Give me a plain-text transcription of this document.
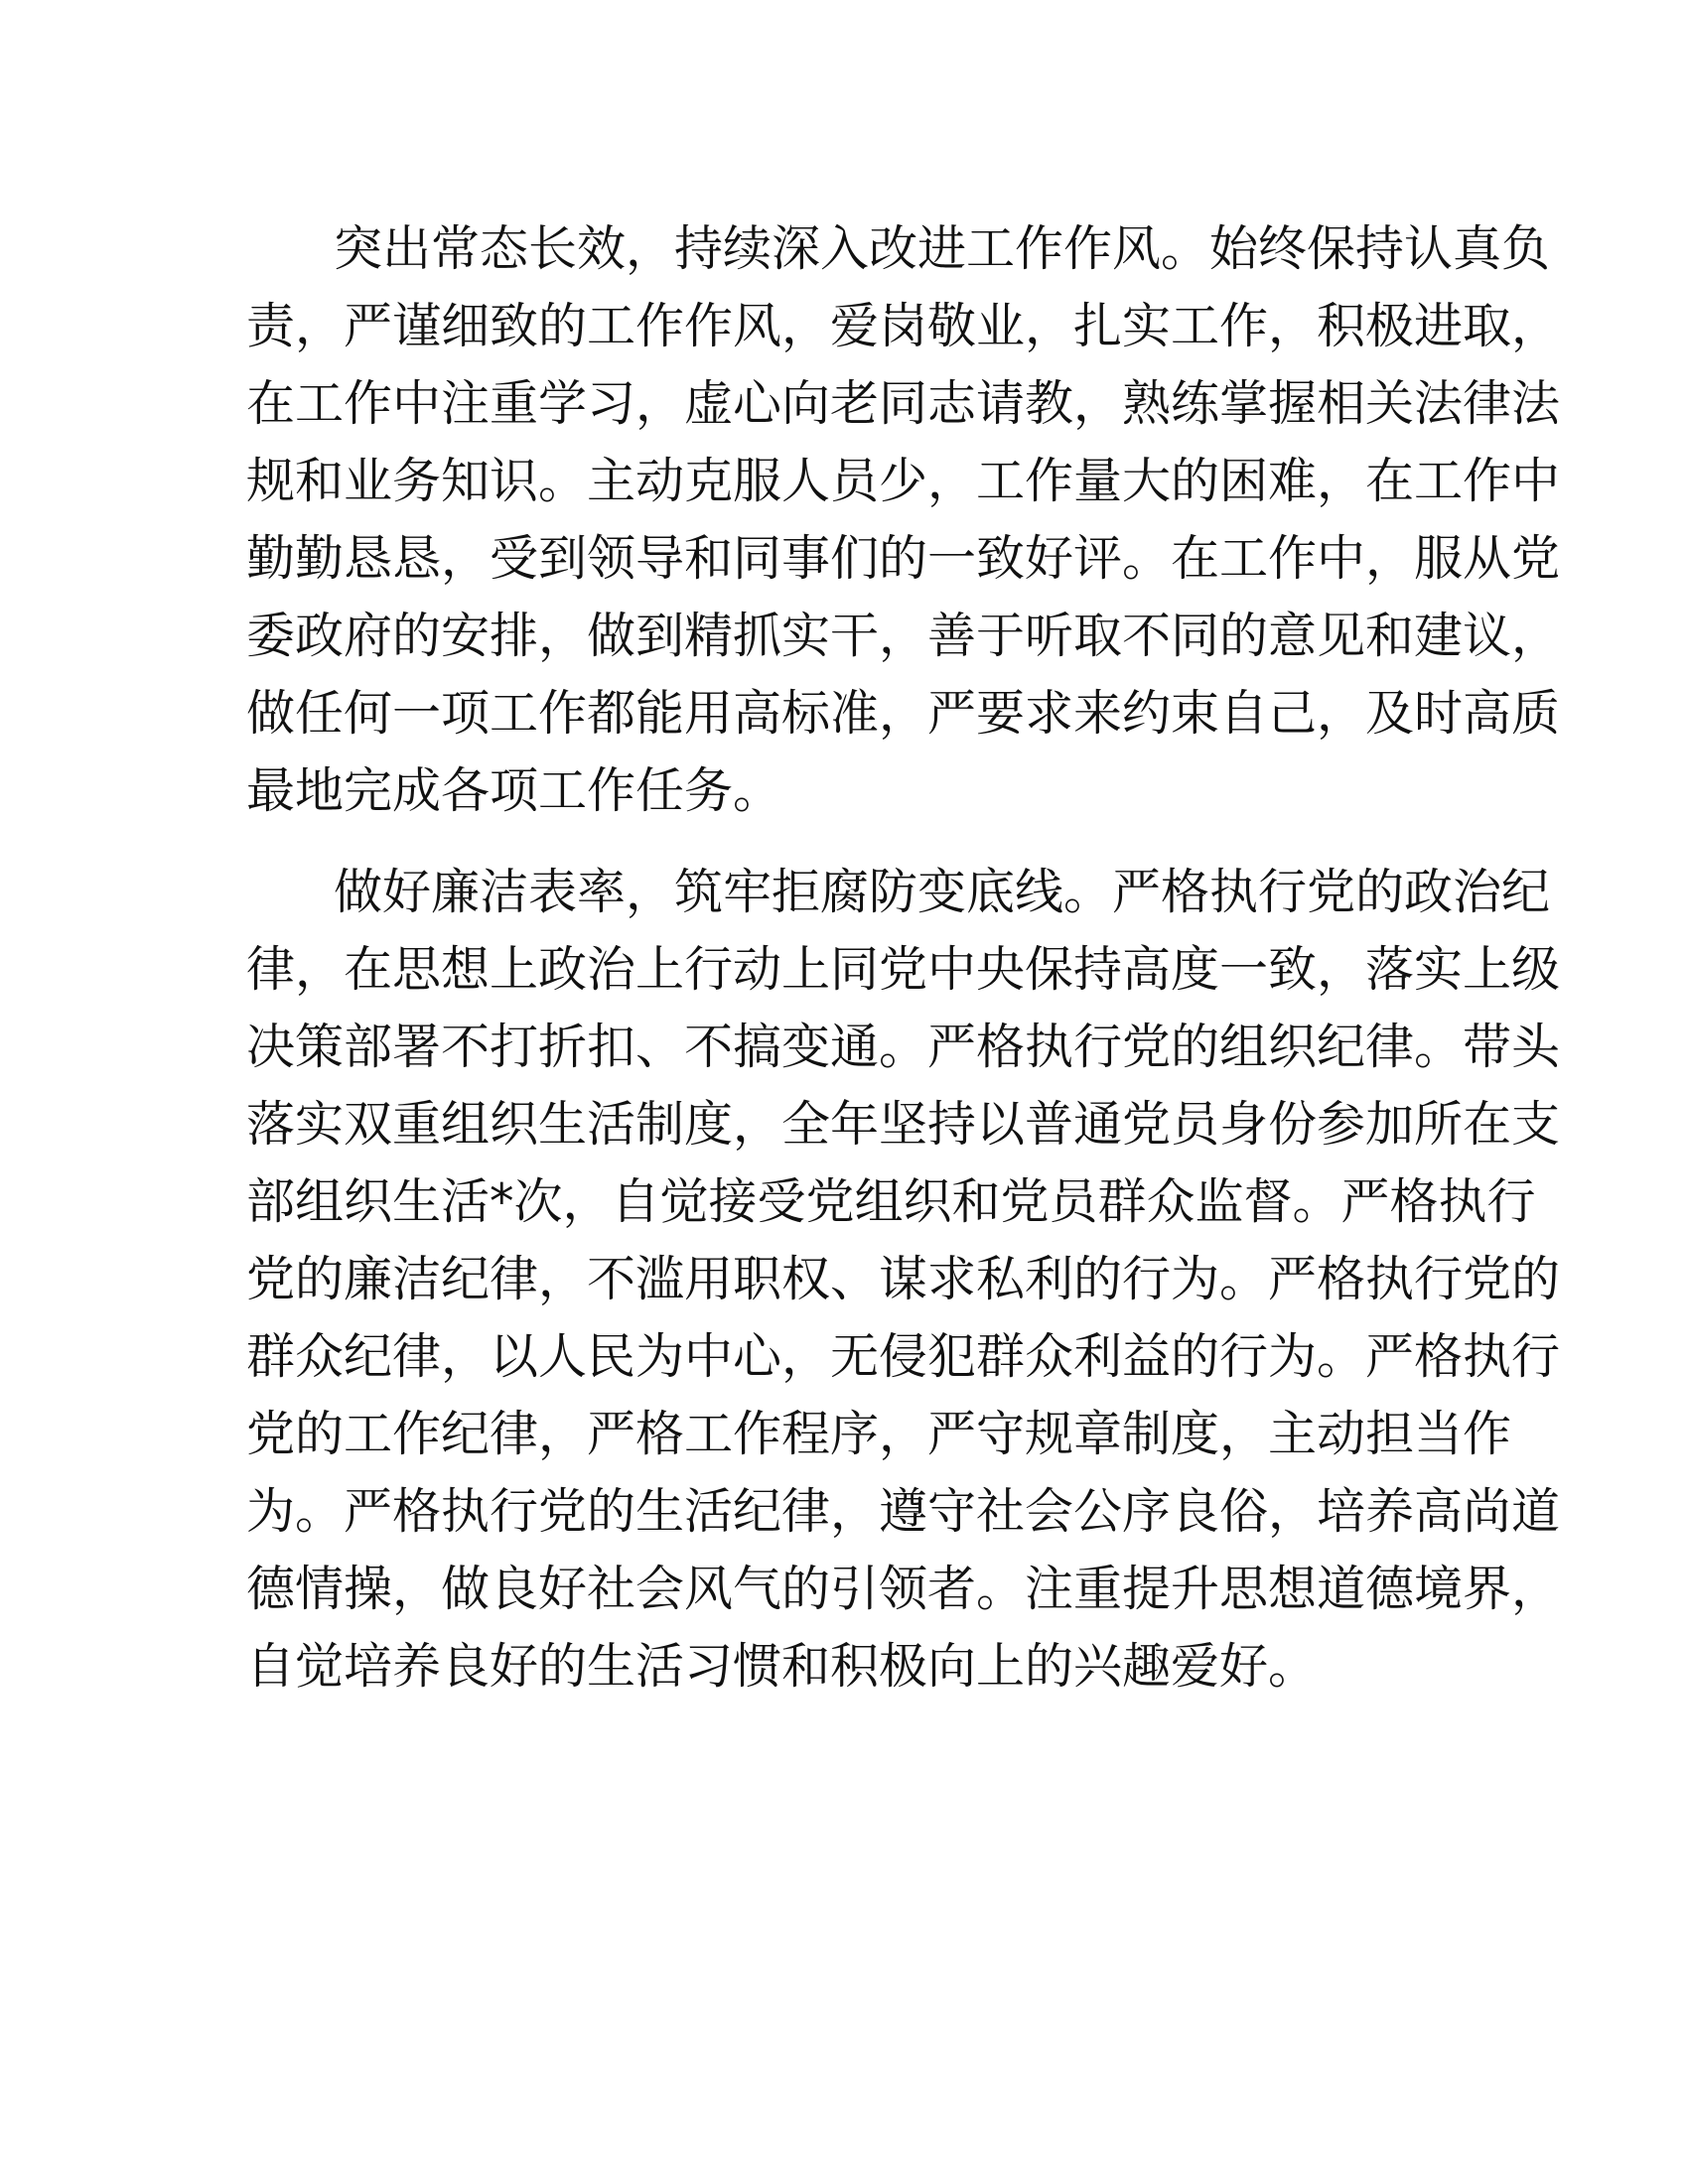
突出常态长效，持续深入改进工作作风。始终保持认真负
责，严谨细致的工作作风，爱岗敬业，扎实工作，积极进取，
在工作中注重学习，虚心向老同志请教，熟练掌握相关法律法
规和业务知识。主动克服人员少，工作量大的困难，在工作中
勤勤恳恳，受到领导和同事们的一致好评。在工作中，服从党
委政府的安排，做到精抓实干，善于听取不同的意见和建议，
做任何一项工作都能用高标准，严要求来约束自己，及时高质
最地完成各项工作任务。

做好廉洁表率，筑牢拒腐防变底线。严格执行党的政治纪
律，在思想上政治上行动上同党中央保持高度一致，落实上级
决策部署不打折扣、不搞变通。严格执行党的组织纪律。带头
落实双重组织生活制度，全年坚持以普通党员身份参加所在支
部组织生活*次，自觉接受党组织和党员群众监督。严格执行
党的廉洁纪律，不滥用职权、谋求私利的行为。严格执行党的
群众纪律，以人民为中心，无侵犯群众利益的行为。严格执行
党的工作纪律，严格工作程序，严守规章制度，主动担当作
为。严格执行党的生活纪律，遵守社会公序良俗，培养高尚道
德情操，做良好社会风气的引领者。注重提升思想道德境界，
自觉培养良好的生活习惯和积极向上的兴趣爱好。
